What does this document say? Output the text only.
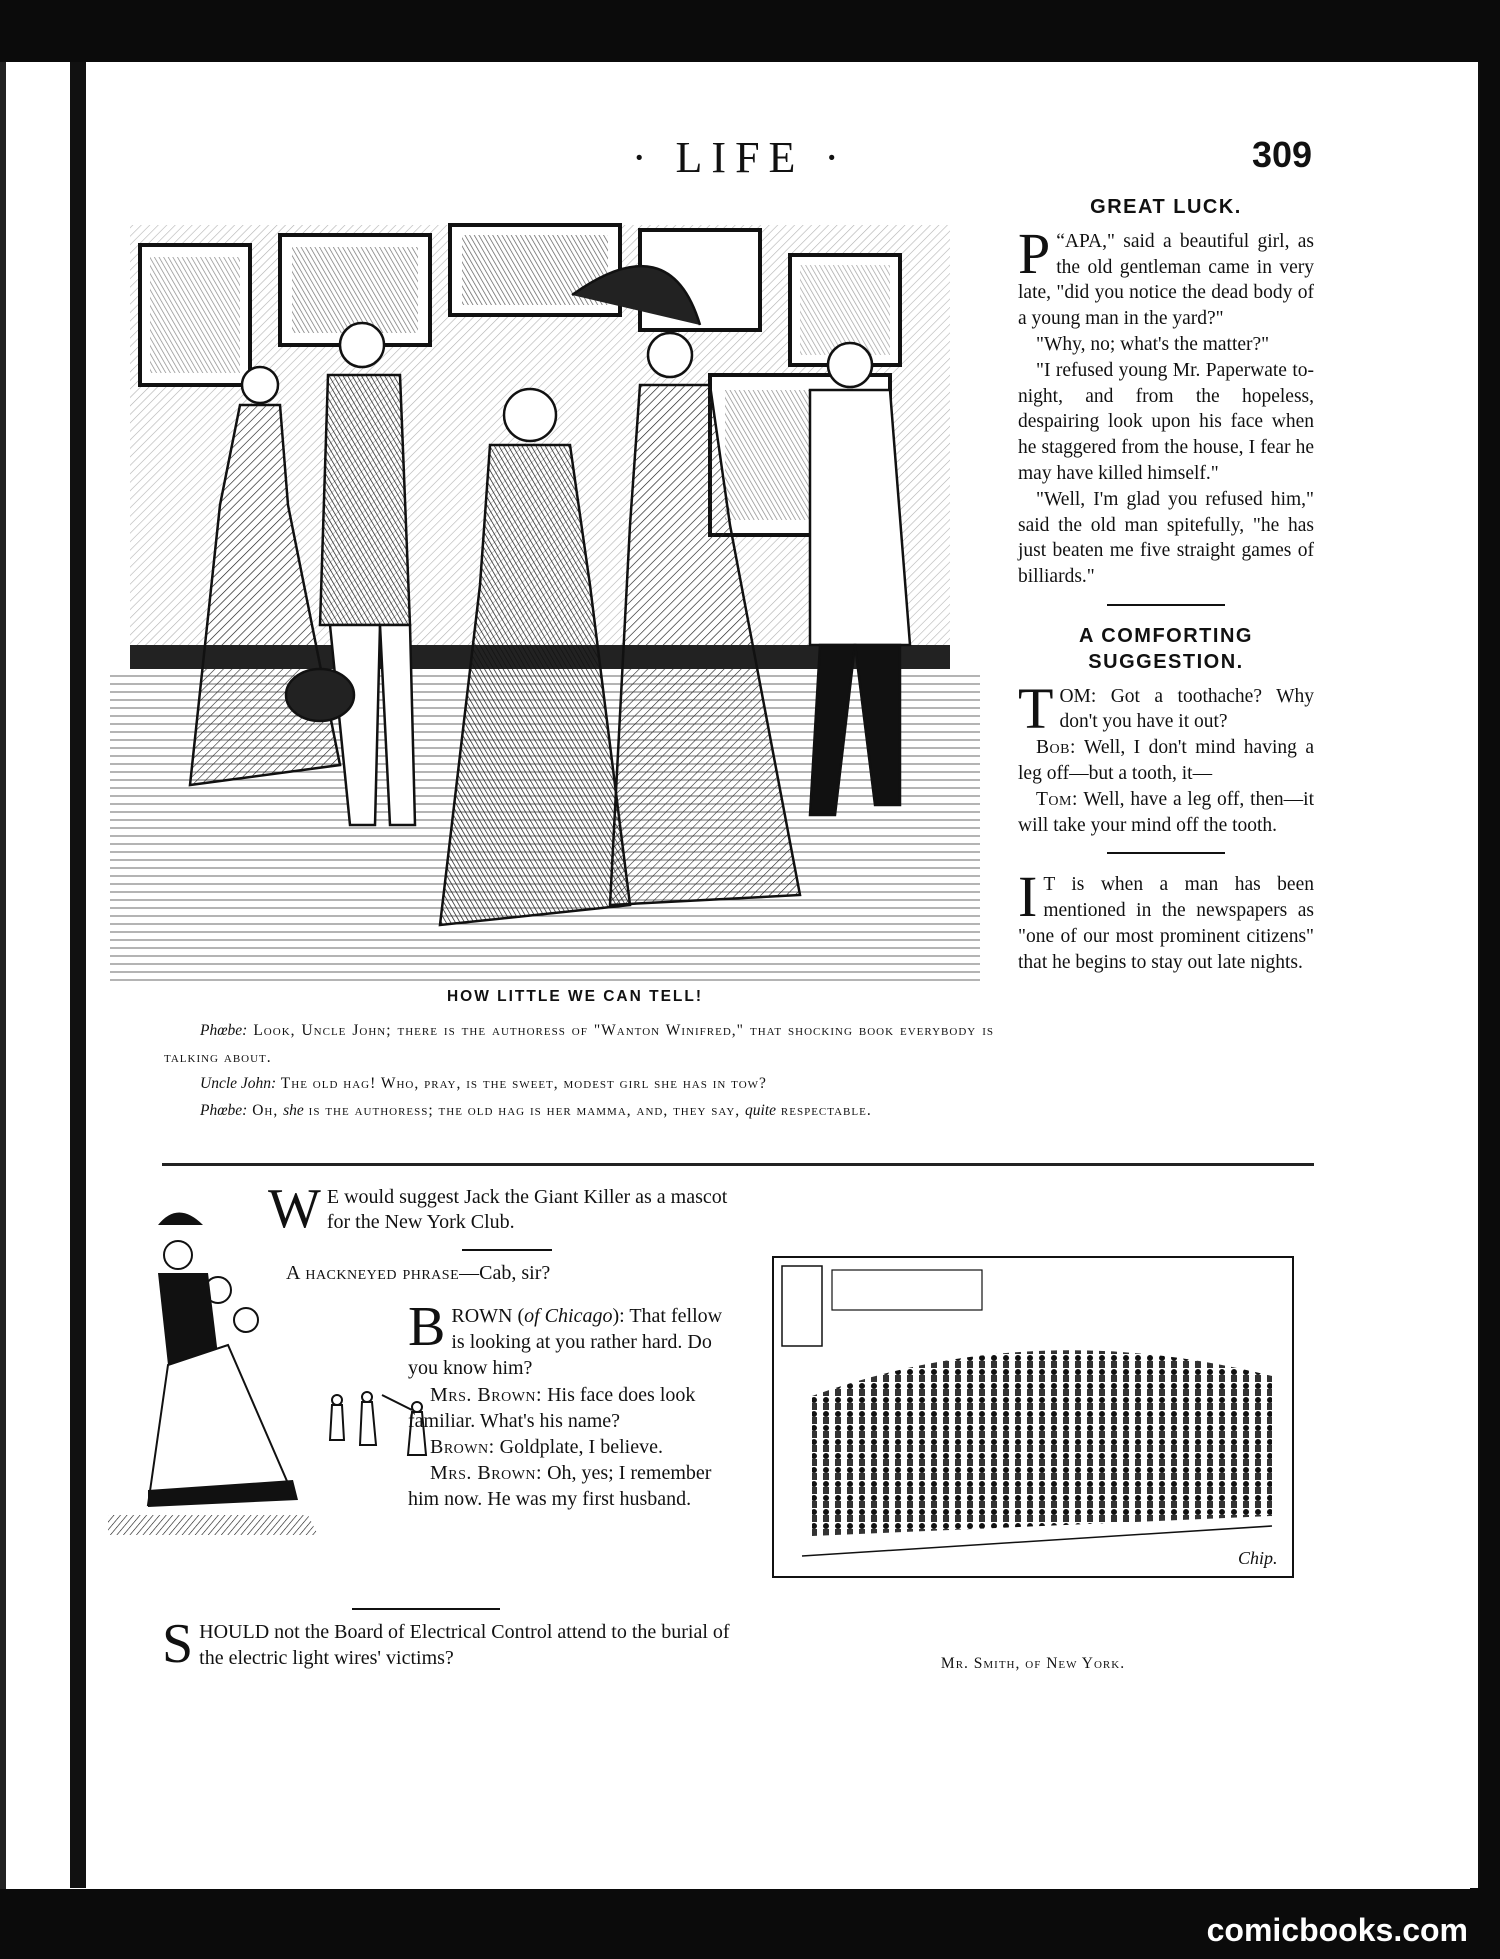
· LIFE ·	309
HOW LITTLE WE CAN TELL!

Phœbe: Look, Uncle John; there is the authoress of "Wanton Winifred," that shocking book everybody is talking about.

Uncle John: The old hag! Who, pray, is the sweet, modest girl she has in tow?

Phœbe: Oh, she is the authoress; the old hag is her mamma, and, they say, quite respectable.

GREAT LUCK.

“
P APA," said a beautiful girl, as the old gentleman came in very late, "did you notice the dead body of a young man in the yard?"

"Why, no; what's the matter?"

"I refused young Mr. Paperwate to-night, and from the hopeless, despairing look upon his face when he staggered from the house, I fear he may have killed himself."

"Well, I'm glad you refused him," said the old man spitefully, "he has just beaten me five straight games of billiards."

A COMFORTING SUGGESTION.

TOM: Got a toothache? Why don't you have it out?

Bob: Well, I don't mind having a leg off—but a tooth, it—

Tom: Well, have a leg off, then—it will take your mind off the tooth.

I T is when a man has been mentioned in the newspapers as "one of our most prominent citizens" that he begins to stay out late nights.

W E would suggest Jack the Giant Killer as a mascot for the New York Club.

A hackneyed phrase—Cab, sir?

BROWN (of Chicago): That fellow is looking at you rather hard. Do you know him?

Mrs. Brown: His face does look familiar. What's his name?

Brown: Goldplate, I believe.

Mrs. Brown: Oh, yes; I remember him now. He was my first husband.

SHOULD not the Board of Electrical Control attend to the burial of the electric light wires' victims?

Chip.
Mr. Smith, of New York.
comicbooks.com
